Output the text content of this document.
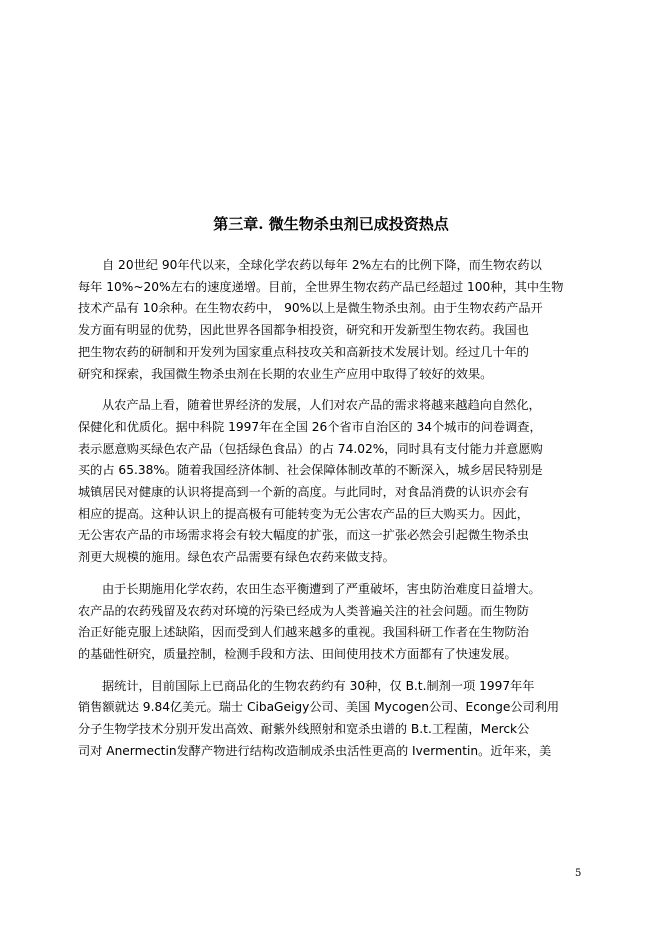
第三章. 微生物杀虫剂已成投资热点

自 20世纪 90年代以来，全球化学农药以每年 2%左右的比例下降，而生物农药以
每年 10%~20%左右的速度递增。目前，全世界生物农药产品已经超过 100种，其中生物
技术产品有 10余种。在生物农药中， 90%以上是微生物杀虫剂。由于生物农药产品开
发方面有明显的优势，因此世界各国都争相投资，研究和开发新型生物农药。我国也
把生物农药的研制和开发列为国家重点科技攻关和高新技术发展计划。经过几十年的
研究和探索，我国微生物杀虫剂在长期的农业生产应用中取得了较好的效果。

从农产品上看，随着世界经济的发展，人们对农产品的需求将越来越趋向自然化，
保健化和优质化。据中科院 1997年在全国 26个省市自治区的 34个城市的问卷调查，
表示愿意购买绿色农产品（包括绿色食品）的占 74.02%，同时具有支付能力并意愿购
买的占 65.38%。随着我国经济体制、社会保障体制改革的不断深入，城乡居民特别是
城镇居民对健康的认识将提高到一个新的高度。与此同时，对食品消费的认识亦会有
相应的提高。这种认识上的提高极有可能转变为无公害农产品的巨大购买力。因此，
无公害农产品的市场需求将会有较大幅度的扩张，而这一扩张必然会引起微生物杀虫
剂更大规模的施用。绿色农产品需要有绿色农药来做支持。

由于长期施用化学农药，农田生态平衡遭到了严重破坏，害虫防治难度日益增大。
农产品的农药残留及农药对环境的污染已经成为人类普遍关注的社会问题。而生物防
治正好能克服上述缺陷，因而受到人们越来越多的重视。我国科研工作者在生物防治
的基础性研究，质量控制，检测手段和方法、田间使用技术方面都有了快速发展。

据统计，目前国际上已商品化的生物农药约有 30种，仅 B.t.制剂一项 1997年年
销售额就达 9.84亿美元。瑞士 CibaGeigy公司、美国 Mycogen公司、Econge公司利用
分子生物学技术分别开发出高效、耐紫外线照射和宽杀虫谱的 B.t.工程菌，Merck公
司对 Anermectin发酵产物进行结构改造制成杀虫活性更高的 Ivermentin。近年来，美

5
